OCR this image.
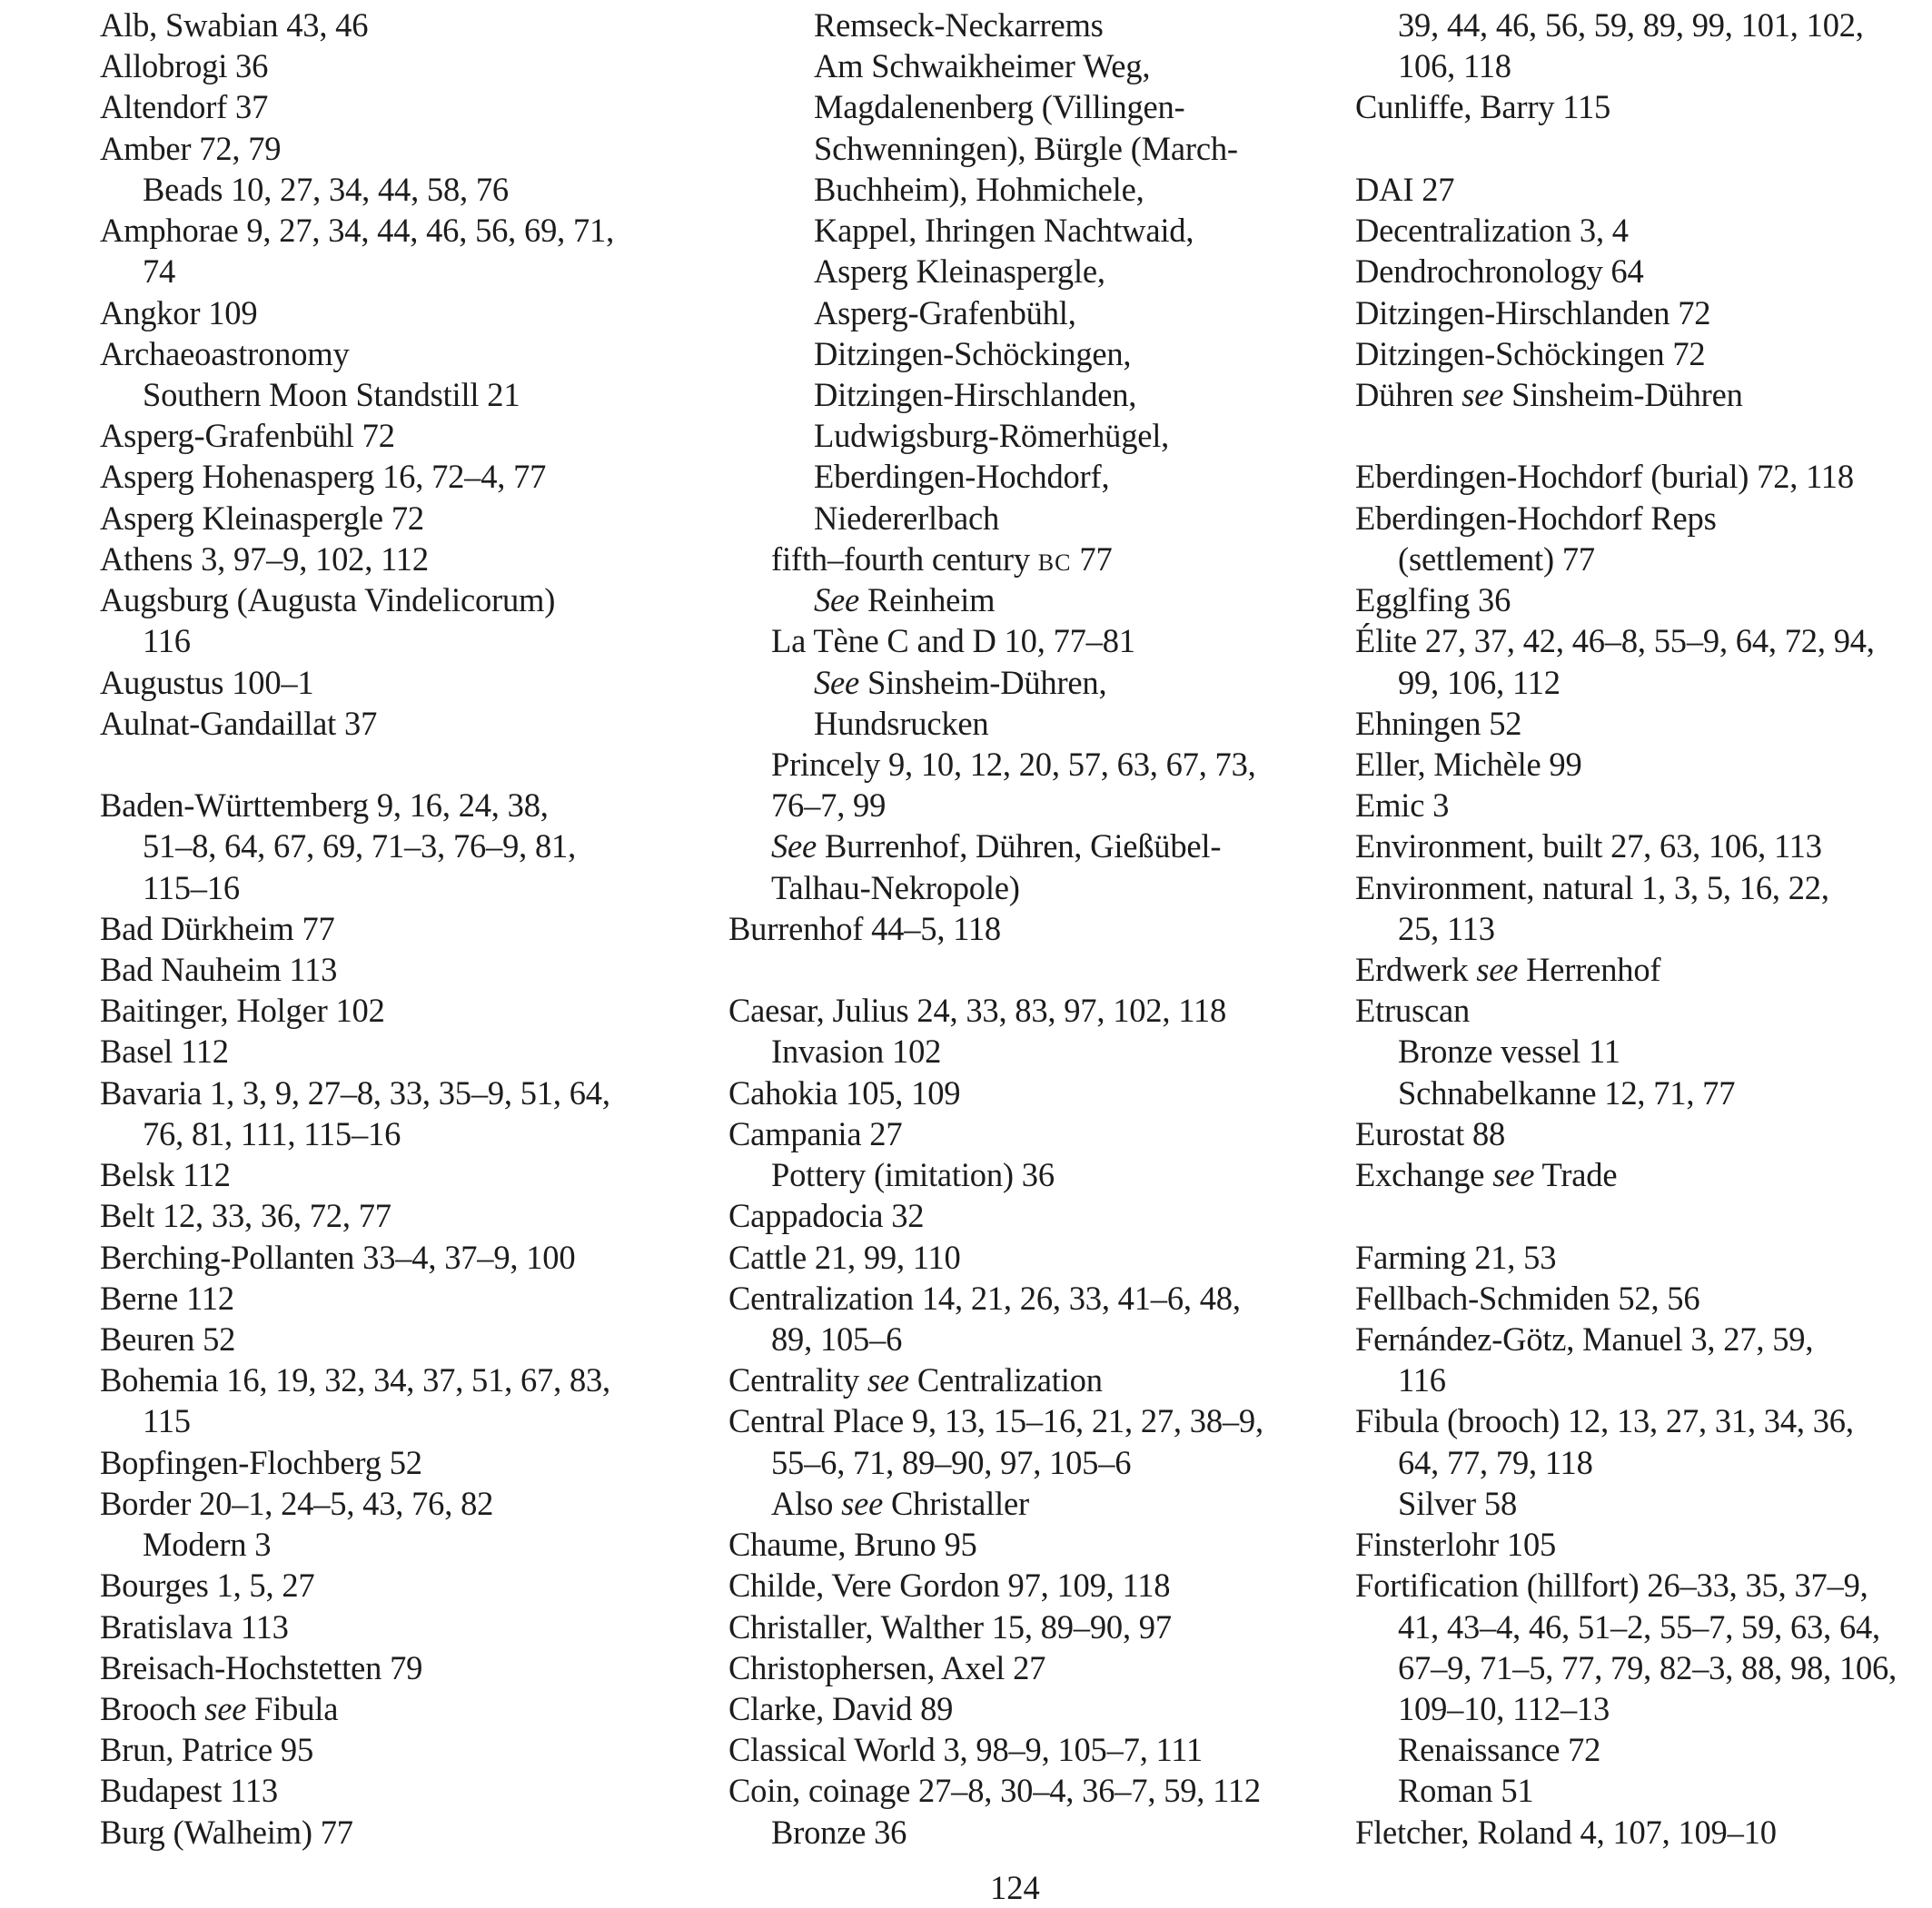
Alb, Swabian 43, 46
Allobrogi 36
Altendorf 37
Amber 72, 79
Beads 10, 27, 34, 44, 58, 76
Amphorae 9, 27, 34, 44, 46, 56, 69, 71,
74
Angkor 109
Archaeoastronomy
Southern Moon Standstill 21
Asperg-Grafenbühl 72
Asperg Hohenasperg 16, 72–4, 77
Asperg Kleinaspergle 72
Athens 3, 97–9, 102, 112
Augsburg (Augusta Vindelicorum)
116
Augustus 100–1
Aulnat-Gandaillat 37
Baden-Württemberg 9, 16, 24, 38,
51–8, 64, 67, 69, 71–3, 76–9, 81,
115–16
Bad Dürkheim 77
Bad Nauheim 113
Baitinger, Holger 102
Basel 112
Bavaria 1, 3, 9, 27–8, 33, 35–9, 51, 64,
76, 81, 111, 115–16
Belsk 112
Belt 12, 33, 36, 72, 77
Berching-Pollanten 33–4, 37–9, 100
Berne 112
Beuren 52
Bohemia 16, 19, 32, 34, 37, 51, 67, 83,
115
Bopfingen-Flochberg 52
Border 20–1, 24–5, 43, 76, 82
Modern 3
Bourges 1, 5, 27
Bratislava 113
Breisach-Hochstetten 79
Brooch see Fibula
Brun, Patrice 95
Budapest 113
Burg (Walheim) 77
Remseck-Neckarrems
Am Schwaikheimer Weg,
Magdalenenberg (Villingen-
Schwenningen), Bürgle (March-
Buchheim), Hohmichele,
Kappel, Ihringen Nachtwaid,
Asperg Kleinaspergle,
Asperg-Grafenbühl,
Ditzingen-Schöckingen,
Ditzingen-Hirschlanden,
Ludwigsburg-Römerhügel,
Eberdingen-Hochdorf,
Niedererlbach
fifth–fourth century BC 77
See Reinheim
La Tène C and D 10, 77–81
See Sinsheim-Dühren,
Hundsrucken
Princely 9, 10, 12, 20, 57, 63, 67, 73,
76–7, 99
See Burrenhof, Dühren, Gießübel-
Talhau-Nekropole)
Burrenhof 44–5, 118
Caesar, Julius 24, 33, 83, 97, 102, 118
Invasion 102
Cahokia 105, 109
Campania 27
Pottery (imitation) 36
Cappadocia 32
Cattle 21, 99, 110
Centralization 14, 21, 26, 33, 41–6, 48,
89, 105–6
Centrality see Centralization
Central Place 9, 13, 15–16, 21, 27, 38–9,
55–6, 71, 89–90, 97, 105–6
Also see Christaller
Chaume, Bruno 95
Childe, Vere Gordon 97, 109, 118
Christaller, Walther 15, 89–90, 97
Christophersen, Axel 27
Clarke, David 89
Classical World 3, 98–9, 105–7, 111
Coin, coinage 27–8, 30–4, 36–7, 59, 112
Bronze 36
39, 44, 46, 56, 59, 89, 99, 101, 102,
106, 118
Cunliffe, Barry 115
DAI 27
Decentralization 3, 4
Dendrochronology 64
Ditzingen-Hirschlanden 72
Ditzingen-Schöckingen 72
Dühren see Sinsheim-Dühren
Eberdingen-Hochdorf (burial) 72, 118
Eberdingen-Hochdorf Reps
(settlement) 77
Egglfing 36
Élite 27, 37, 42, 46–8, 55–9, 64, 72, 94,
99, 106, 112
Ehningen 52
Eller, Michèle 99
Emic 3
Environment, built 27, 63, 106, 113
Environment, natural 1, 3, 5, 16, 22,
25, 113
Erdwerk see Herrenhof
Etruscan
Bronze vessel 11
Schnabelkanne 12, 71, 77
Eurostat 88
Exchange see Trade
Farming 21, 53
Fellbach-Schmiden 52, 56
Fernández-Götz, Manuel 3, 27, 59,
116
Fibula (brooch) 12, 13, 27, 31, 34, 36,
64, 77, 79, 118
Silver 58
Finsterlohr 105
Fortification (hillfort) 26–33, 35, 37–9,
41, 43–4, 46, 51–2, 55–7, 59, 63, 64,
67–9, 71–5, 77, 79, 82–3, 88, 98, 106,
109–10, 112–13
Renaissance 72
Roman 51
Fletcher, Roland 4, 107, 109–10
124
